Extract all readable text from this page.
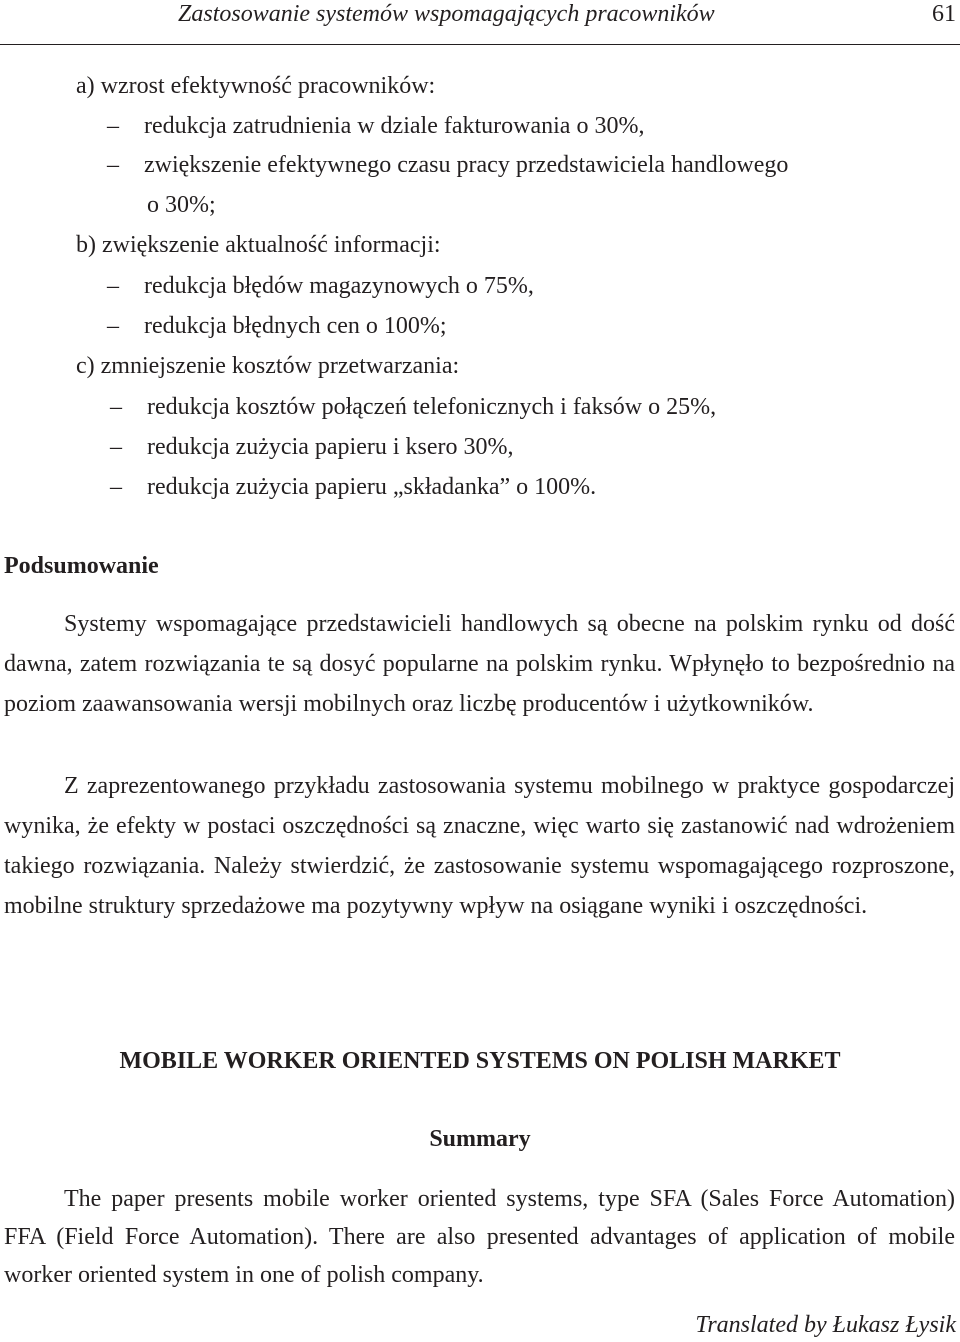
Zastosowanie systemów wspomagających pracowników	61
a) wzrost efektywność pracowników:
– redukcja zatrudnienia w dziale fakturowania o 30%,
– zwiększenie efektywnego czasu pracy przedstawiciela handlowego
o 30%;
b) zwiększenie aktualność informacji:
– redukcja błędów magazynowych o 75%,
– redukcja błędnych cen o 100%;
c) zmniejszenie kosztów przetwarzania:
– redukcja kosztów połączeń telefonicznych i faksów o 25%,
– redukcja zużycia papieru i ksero 30%,
– redukcja zużycia papieru „składanka” o 100%.
Podsumowanie
Systemy wspomagające przedstawicieli handlowych są obecne na polskim rynku od dość dawna, zatem rozwiązania te są dosyć popularne na polskim rynku. Wpłynęło to bezpośrednio na poziom zaawansowania wersji mobilnych oraz liczbę producentów i użytkowników.
Z zaprezentowanego przykładu zastosowania systemu mobilnego w praktyce gospodarczej wynika, że efekty w postaci oszczędności są znaczne, więc warto się zastanowić nad wdrożeniem takiego rozwiązania. Należy stwierdzić, że zastosowanie systemu wspomagającego rozproszone, mobilne struktury sprzedażowe ma pozytywny wpływ na osiągane wyniki i oszczędności.
MOBILE WORKER ORIENTED SYSTEMS ON POLISH MARKET
Summary
The paper presents mobile worker oriented systems, type SFA (Sales Force Automation) FFA (Field Force Automation). There are also presented advantages of application of mobile worker oriented system in one of polish company.
Translated by Łukasz Łysik
